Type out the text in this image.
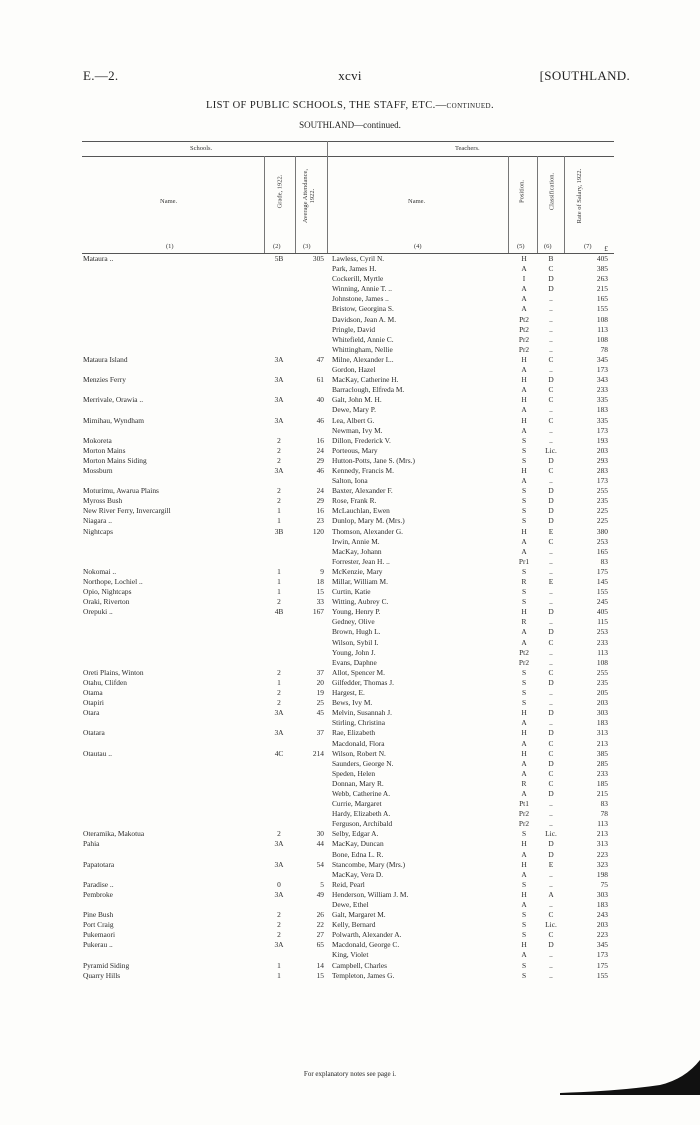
E.—2.	xcvi	[SOUTHLAND.
LIST OF PUBLIC SCHOOLS, THE STAFF, ETC.—continued.
SOUTHLAND—continued.
Schools.	Teachers.
Name.	Name.
Grade, 1922.	Average Attendance, 1922.	Position.	Classification.	Rate of Salary, 1922.
(1)	(2)	(3)	(4)	(5)	(6)	(7)	£
Mataura ..	5B	305 Lawless, Cyril N.	H	B	405
Park, James H.	A	C	385
Cockerill, Myrtle	I	D	263
Winning, Annie T. ..	A	D	215
Johnstone, James ..	A	..	165
Bristow, Georgina S.	A	..	155
Davidson, Jean A. M.	Pt2	..	108
Pringle, David	Pt2	..	113
Whitefield, Annie C.	Pr2	..	108
Whittingham, Nellie	Pr2	..	78
Mataura Island	3A	47 Milne, Alexander I...	H	C	345
Gordon, Hazel	A	..	173
Menzies Ferry	3A	61 MacKay, Catherine H.	H	D	343
Barraclough, Elfreda M.	A	C	233
Merrivale, Orawia ..	3A	40 Galt, John M. H.	H	C	335
Dewe, Mary P.	A	..	183
Mimihau, Wyndham	3A	46 Lea, Albert G.	H	C	335
Newman, Ivy M.	A	..	173
Mokoreta	2	16 Dillon, Frederick V.	S	..	193
Morton Mains	2	24 Porteous, Mary	S	Lic.	203
Morton Mains Siding	2	29 Hutton-Potts, Jane S. (Mrs.)	S	D	293
Mossburn	3A	46 Kennedy, Francis M.	H	C	283
Salton, Iona	A	..	173
Moturimu, Awarua Plains	2	24 Baxter, Alexander F.	S	D	255
Myross Bush	2	29 Rose, Frank R.	S	D	235
New River Ferry, Invercargill	1	16 McLauchlan, Ewen	S	D	225
Niagara ..	1	23 Dunlop, Mary M. (Mrs.)	S	D	225
Nightcaps	3B	120 Thomson, Alexander G.	H	E	380
Irwin, Annie M.	A	C	253
MacKay, Johann	A	..	165
Forrester, Jean H. ..	Pr1	..	83
Nokomai ..	1	9 McKenzie, Mary	S	..	175
Northope, Lochiel ..	1	18 Millar, William M.	R	E	145
Opio, Nightcaps	1	15 Curtin, Katie	S	..	155
Oraki, Riverton	2	33 Witting, Aubrey C.	S	..	245
Orepuki ..	4B	167 Young, Henry P.	H	D	405
Gedney, Olive	R	..	115
Brown, Hugh L.	A	D	253
Wilson, Sybil I.	A	C	233
Young, John J.	Pt2	..	113
Evans, Daphne	Pr2	..	108
Oreti Plains, Winton	2	37 Allot, Spencer M.	S	C	255
Otahu, Clifden	1	20 Gilfedder, Thomas J.	S	D	235
Otama	2	19 Hargest, E.	S	..	205
Otapiri	2	25 Bews, Ivy M.	S	..	203
Otara	3A	45 Melvin, Susannah J.	H	D	303
Stirling, Christina	A	..	183
Otatara	3A	37 Rae, Elizabeth	H	D	313
Macdonald, Flora	A	C	213
Otautau ..	4C	214 Wilson, Robert N.	H	C	385
Saunders, George N.	A	D	285
Speden, Helen	A	C	233
Donnan, Mary R.	R	C	185
Webb, Catherine A.	A	D	215
Currie, Margaret	Pt1	..	83
Hardy, Elizabeth A.	Pr2	..	78
Ferguson, Archibald	Pr2	..	113
Oteramika, Makotua	2	30 Selby, Edgar A.	S	Lic.	213
Pahia	3A	44 MacKay, Duncan	H	D	313
Bone, Edna L. R.	A	D	223
Papatotara	3A	54 Stancombe, Mary (Mrs.)	H	E	323
MacKay, Vera D.	A	..	198
Paradise ..	0	5 Reid, Pearl	S	..	75
Pembroke	3A	49 Henderson, William J. M.	H	A	303
Dewe, Ethel	A	..	183
Pine Bush	2	26 Galt, Margaret M.	S	C	243
Port Craig	2	22 Kelly, Bernard	S	Lic.	203
Pukemaori	2	27 Polwarth, Alexander A.	S	C	223
Pukerau ..	3A	65 Macdonald, George C.	H	D	345
King, Violet	A	..	173
Pyramid Siding	1	14 Campbell, Charles	S	..	175
Quarry Hills	1	15 Templeton, James G.	S	..	155
For explanatory notes see page i.
